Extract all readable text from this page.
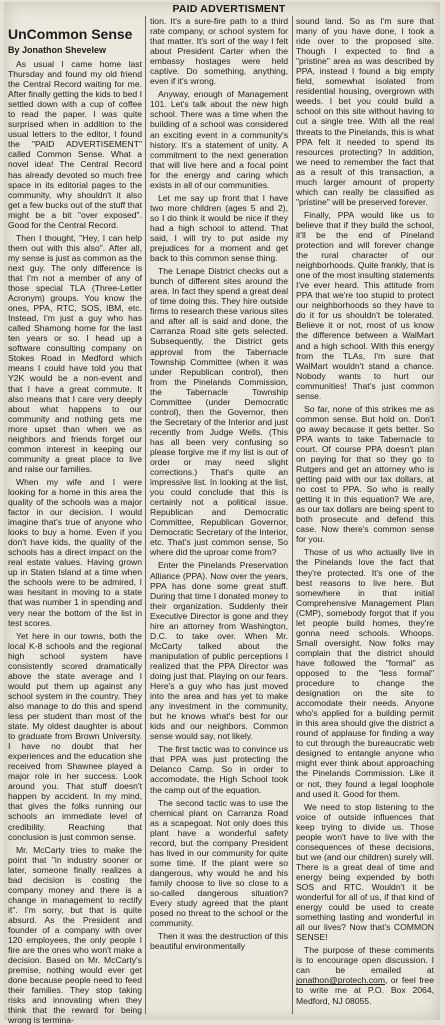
PAID ADVERTISMENT
UnCommon Sense
By Jonathon Shevelew

As usual I came home last Thursday and found my old friend the Central Record waiting for me. After finally getting the kids to bed I settled down with a cup of coffee to read the paper. I was quite surprised when in addition to the usual letters to the editor, I found the "PAID ADVERTISEMENT" called Common Sense. What a novel idea! The Central Record has already devoted so much free space in its editorial pages to the community, why shouldn't it also get a few bucks out of the stuff that might be a bit "over exposed". Good for the Central Record.

Then I thought, "Hey, I can help them out with this also". After all, my sense is just as common as the next guy. The only difference is that I'm not a member of any of those special TLA (Three-Letter Acronym) groups. You know the ones, PPA, RTC, SOS, IBM, etc. Instead, I'm just a guy who has called Shamong home for the last ten years or so. I head up a software consulting company on Stokes Road in Medford which means I could have told you that Y2K would be a non-event and that I have a great commute. It also means that I care very deeply about what happens to our community and nothing gets me more upset than when we as neighbors and friends forget our common interest in keeping our community a great place to live and raise our families.

When my wife and I were looking for a home in this area the quality of the schools was a major factor in our decision. I would imagine that's true of anyone who looks to buy a home. Even if you don't have kids, the quality of the schools has a direct impact on the real estate values. Having grown up in Staten Island at a time when the schools were to be admired, I was hesitant in moving to a state that was number 1 in spending and very near the bottom of the list in test scores.

Yet here in our towns, both the local K-8 schools and the regional high school system have consistently scored dramatically above the state average and I would put them up against any school system in the country. They also manage to do this and spend less per student than most of the state. My oldest daughter is about to graduate from Brown University. I have no doubt that her experiences and the education she received from Shawnee played a major role in her success. Look around you. That stuff doesn't happen by accident. In my mind, that gives the folks running our schools an immediate level of credibility. Reaching that conclusion is just common sense.

Mr. McCarty tries to make the point that "in industry sooner or later, someone finally realizes a bad decision is costing the company money and there is a change in management to rectify it". I'm sorry, but that is quite absurd. As the President and founder of a company with over 120 employees, the only people I fire are the ones who won't make a decision. Based on Mr. McCarty's premise, nothing would ever get done because people need to feed their families. They stop taking risks and innovating when they think that the reward for being wrong is termina-

tion. It's a sure-fire path to a third rate company, or school system for that matter. It's sort of the way I felt about President Carter when the embassy hostages were held captive. Do something, anything, even if it's wrong.

Anyway, enough of Management 101. Let's talk about the new high school. There was a time when the building of a school was considered an exciting event in a community's history. It's a statement of unity. A commitment to the next generation that will live here and a focal point for the energy and caring which exists in all of our communities.

Let me say up front that I have two more children (ages 5 and 2), so I do think it would be nice if they had a high school to attend. That said, I will try to put aside my prejudices for a moment and get back to this common sense thing.

The Lenape District checks out a bunch of different sites around the area. In fact they spend a great deal of time doing this. They hire outside firms to research these various sites and after all is said and done, the Carranza Road site gets selected. Subsequently, the District gets approval from the Tabernacle Township Committee (when it was under Republican control), then from the Pinelands Commission, the Tabernacle Township Committee (under Democratic control), then the Governor, then the Secretary of the Interior and just recently from Judge Wells. (This has all been very confusing so please forgive me if my list is out of order or may need slight corrections.) That's quite an impressive list. In looking at the list, you could conclude that this is certainly not a political issue. Republican and Democratic Committee, Republican Governor, Democratic Secretary of the Interior, etc. That's just common sense, So where did the uproar come from?

Enter the Pinelands Preservation Alliance (PPA). Now over the years, PPA has done some great stuff. During that time I donated money to their organization. Suddenly their Executive Director is gone and they hire an attorney from Washington, D.C. to take over. When Mr. McCarty talked about the manipulation of public perceptions I realized that the PPA Director was doing just that. Playing on our fears. Here's a guy who has just moved into the area and has yet to make any investment in the community, but he knows what's best for our kids and our neighbors. Common sense would say, not likely.

The first tactic was to convince us that PPA was just protecting the Delanco Camp. So in order to accomodate, the High School took the camp out of the equation.

The second tactic was to use the chemical plant on Carranza Road as a scapegoat. Not only does this plant have a wonderful safety record, but the company President has lived in our community for quite some time. If the plant were so dangerous, why would he and his family choose to live so close to a so-called dangerous situation? Every study agreed that the plant posed no threat to the school or the community.

Then it was the destruction of this beautiful environmentally

sound land. So as I'm sure that many of you have done, I took a ride over to the proposed site. Though I expected to find a "pristine" area as was described by PPA, instead I found a big empty field, somewhat isolated from residential housing, overgrown with weeds. I bet you could build a school on this site without having to cut a single tree. With all the real threats to the Pinelands, this is what PPA felt it needed to spend its resources protecting? In addition, we need to remember the fact that as a result of this transaction, a much larger amount of property which can really be classified as "pristine" will be preserved forever.

Finally, PPA would like us to believe that if they build the school, it'll be the end of Pineland protection and will forever change the rural character of our neighborhoods. Quite frankly, that is one of the most insulting statements I've ever heard. This attitude from PPA that we're too stupid to protect our neighborhoods so they have to do it for us shouldn't be tolerated. Believe it or not, most of us know the difference between a WalMart and a high school. With this energy from the TLAs, I'm sure that WalMart wouldn't stand a chance. Nobody wants to hurt our communities! That's just common sense.

So far, none of this strikes me as common sense. But hold on. Don't go away because it gets better. So PPA wants to take Tabernacle to court. Of course PPA doesn't plan on paying for that so they go to Rutgers and get an attorney who is getting paid with our tax dollars, at no cost to PPA. So who is really getting it in this equation? We are, as our tax dollars are being spent to both prosecute and defend this case. Now there's common sense for you.

Those of us who actually live in the Pinelands love the fact that they're protected. It's one of the best reasons to live here. But somewhere in that initial Comprehensive Management Plan (CMP), somebody forgot that if you let people build homes, they're gonna need schools. Whoops. Small oversight. Now folks may complain that the district should have followed the "formal" as opposed to the "less formal" procedure to change the designation on the site to accomodate their needs. Anyone who's applied for a building permit in this area should give the district a round of applause for finding a way to cut through the bureaucratic web designed to entangle anyone who might ever think about approaching the Pinelands Commission. Like it or not, they found a legal loophole and used it. Good for them.

We need to stop listening to the voice of outside influences that keep trying to divide us. Those people won't have to live with the consequences of these decisions, but we (and our children) surely will. There is a great deal of time and energy being expended by both SOS and RTC. Wouldn't it be wonderful for all of us, if that kind of energy could be used to create something lasting and wonderful in all our lives? Now that's COMMON SENSE!

The purpose of these comments is to encourage open discussion. I can be emailed at jonathon@protech.com, or feel free to write me at P.O. Box 2064, Medford, NJ 08055.
